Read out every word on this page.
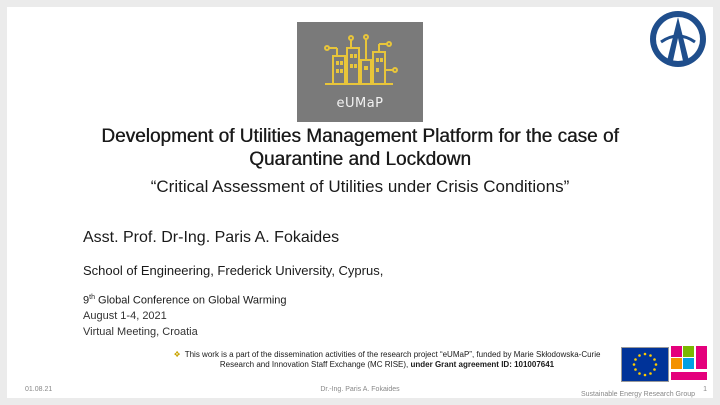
eUMaP
Development of Utilities Management Platform for the case of
Quarantine and Lockdown
“Critical Assessment of Utilities under Crisis Conditions”
Asst. Prof. Dr-Ing. Paris A. Fokaides
School of Engineering, Frederick University, Cyprus,
9th Global Conference on Global Warming
August 1-4, 2021
Virtual Meeting, Croatia
❖ This work is a part of the dissemination activities of the research project “eUMaP”, funded by Marie Skłodowska-Curie Research and Innovation Staff Exchange (MC RISE), under Grant agreement ID: 101007641
01.08.21	Dr.-Ing. Paris A. Fokaides
Sustainable Energy Research Group
1
